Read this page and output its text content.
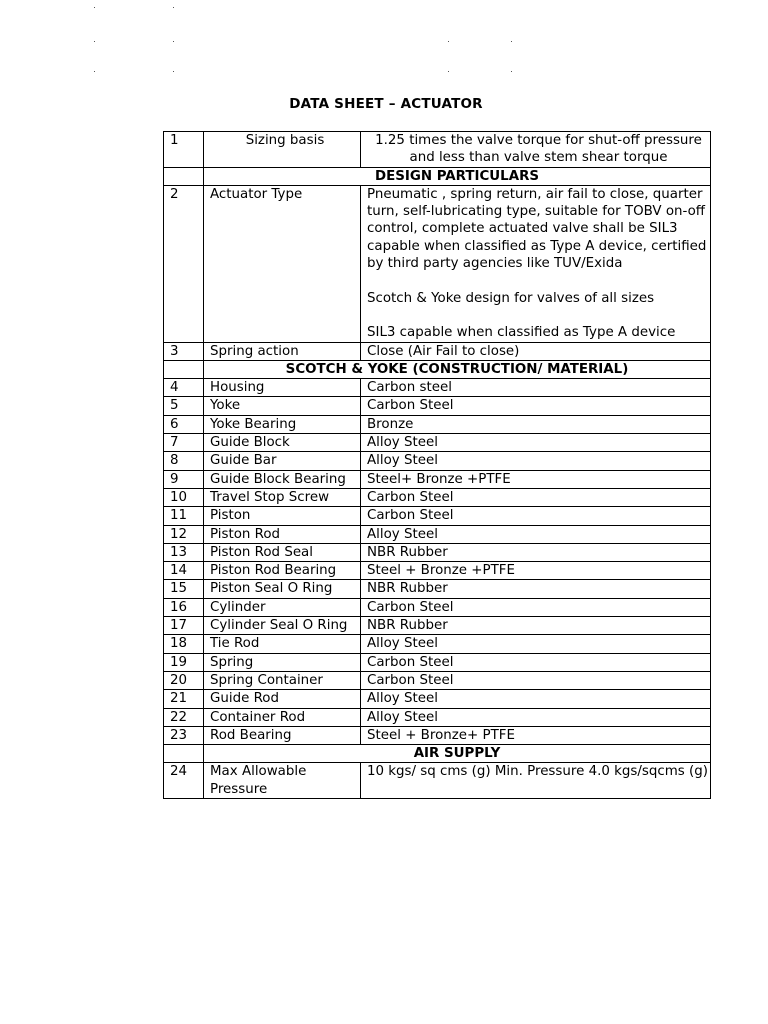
DATA SHEET – ACTUATOR
1	Sizing basis	1.25 times the valve torque for shut-off pressure and less than valve stem shear torque

	DESIGN PARTICULARS	
2	Actuator Type	Pneumatic , spring return, air fail to close, quarter turn, self-lubricating type, suitable for TOBV on-off control, complete actuated valve shall be SIL3 capable when classified as Type A device, certified by third party agencies like TUV/Exida
Scotch & Yoke design for valves of all sizes
SIL3 capable when classified as Type A device

3	Spring action	Close (Air Fail to close)

	SCOTCH & YOKE (CONSTRUCTION/ MATERIAL)	
4	Housing	Carbon steel

5	Yoke	Carbon Steel

6	Yoke Bearing	Bronze

7	Guide Block	Alloy Steel

8	Guide Bar	Alloy Steel

9	Guide Block Bearing	Steel+ Bronze +PTFE

10	Travel Stop Screw	Carbon Steel

11	Piston	Carbon Steel

12	Piston Rod	Alloy Steel

13	Piston Rod Seal	NBR Rubber

14	Piston Rod Bearing	Steel + Bronze +PTFE

15	Piston Seal O Ring	NBR Rubber

16	Cylinder	Carbon Steel

17	Cylinder Seal O Ring	NBR Rubber

18	Tie Rod	Alloy Steel

19	Spring	Carbon Steel

20	Spring Container	Carbon Steel

21	Guide Rod	Alloy Steel

22	Container Rod	Alloy Steel

23	Rod Bearing	Steel + Bronze+ PTFE

	AIR SUPPLY	
24	Max Allowable Pressure	10 kgs/ sq cms (g) Min. Pressure 4.0 kgs/sqcms (g)
